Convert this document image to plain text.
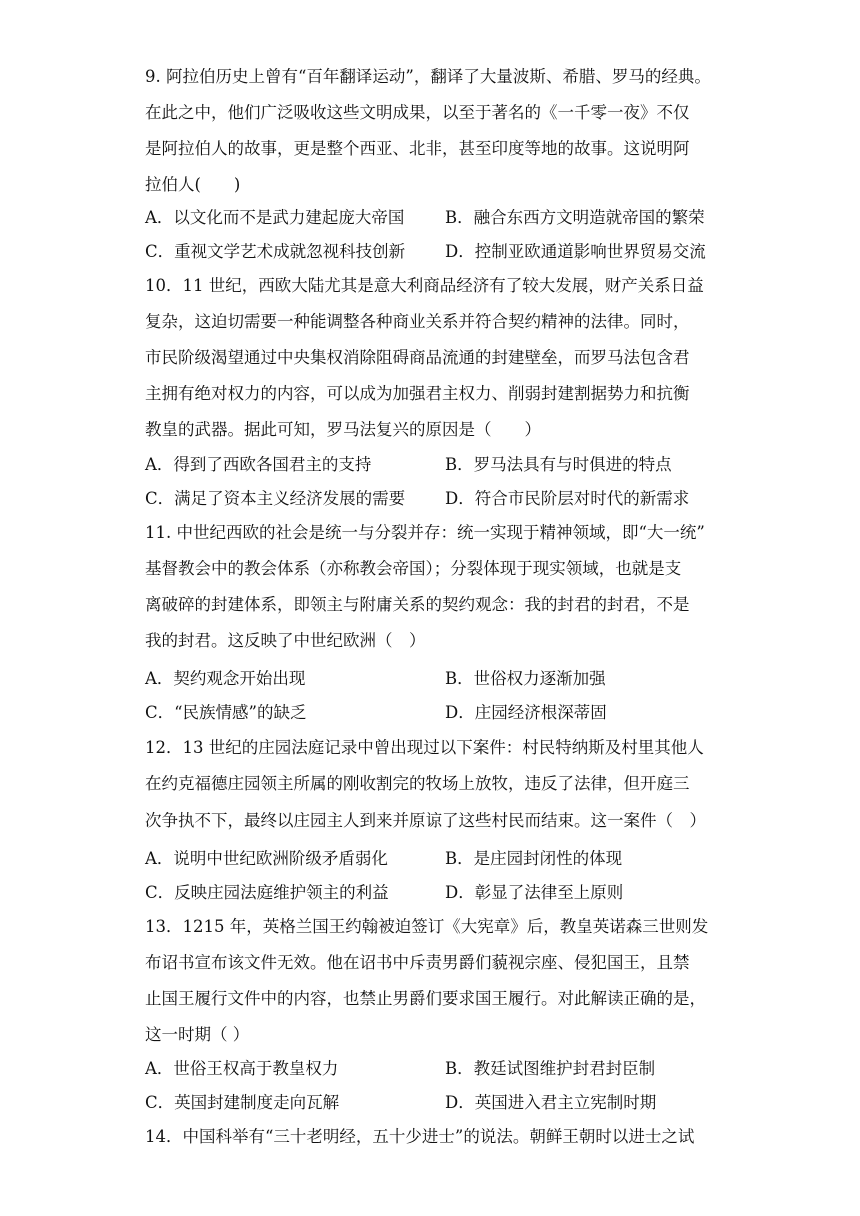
9. 阿拉伯历史上曾有“百年翻译运动”，翻译了大量波斯、希腊、罗马的经典。
在此之中，他们广泛吸收这些文明成果，以至于著名的《一千零一夜》不仅
是阿拉伯人的故事，更是整个西亚、北非，甚至印度等地的故事。这说明阿
拉伯人(　　)
A．以文化而不是武力建起庞大帝国 B．融合东西方文明造就帝国的繁荣
C．重视文学艺术成就忽视科技创新 D．控制亚欧通道影响世界贸易交流
10．11 世纪，西欧大陆尤其是意大利商品经济有了较大发展，财产关系日益
复杂，这迫切需要一种能调整各种商业关系并符合契约精神的法律。同时，
市民阶级渴望通过中央集权消除阻碍商品流通的封建壁垒，而罗马法包含君
主拥有绝对权力的内容，可以成为加强君主权力、削弱封建割据势力和抗衡
教皇的武器。据此可知，罗马法复兴的原因是（　　）
A．得到了西欧各国君主的支持	B．罗马法具有与时俱进的特点
C．满足了资本主义经济发展的需要 D．符合市民阶层对时代的新需求
11. 中世纪西欧的社会是统一与分裂并存：统一实现于精神领域，即“大一统”
基督教会中的教会体系（亦称教会帝国）；分裂体现于现实领域，也就是支
离破碎的封建体系，即领主与附庸关系的契约观念：我的封君的封君，不是
我的封君。这反映了中世纪欧洲（　）
A．契约观念开始出现	B．世俗权力逐渐加强
C．“民族情感”的缺乏	D．庄园经济根深蒂固
12．13 世纪的庄园法庭记录中曾出现过以下案件：村民特纳斯及村里其他人
在约克福德庄园领主所属的刚收割完的牧场上放牧，违反了法律，但开庭三
次争执不下，最终以庄园主人到来并原谅了这些村民而结束。这一案件（　）
A．说明中世纪欧洲阶级矛盾弱化	B．是庄园封闭性的体现
C．反映庄园法庭维护领主的利益	D．彰显了法律至上原则
13．1215 年，英格兰国王约翰被迫签订《大宪章》后，教皇英诺森三世则发
布诏书宣布该文件无效。他在诏书中斥责男爵们藐视宗座、侵犯国王，且禁
止国王履行文件中的内容，也禁止男爵们要求国王履行。对此解读正确的是，
这一时期（ ）
A．世俗王权高于教皇权力	B．教廷试图维护封君封臣制
C．英国封建制度走向瓦解	D．英国进入君主立宪制时期
14．中国科举有“三十老明经，五十少进士”的说法。朝鲜王朝时以进士之试
